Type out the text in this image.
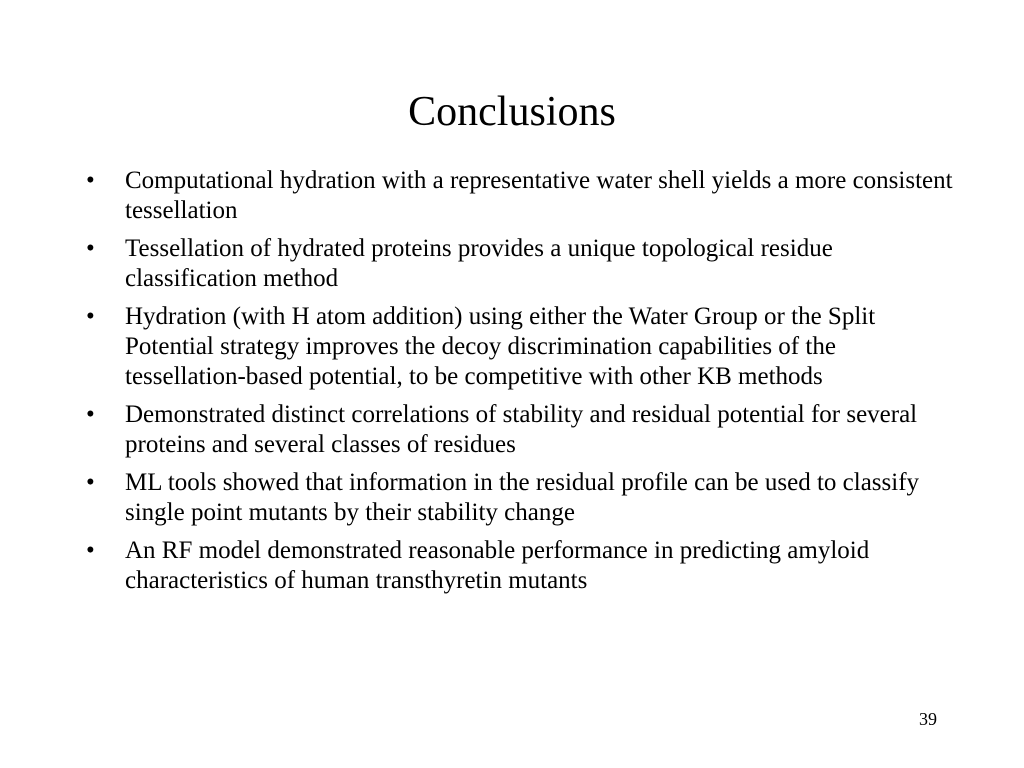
Conclusions
•	Computational hydration with a representative water shell yields a more consistent tessellation
•	Tessellation of hydrated proteins provides a unique topological residue classification method
•	Hydration (with H atom addition) using either the Water Group or the Split Potential strategy improves the decoy discrimination capabilities of the tessellation-based potential, to be competitive with other KB methods
•	Demonstrated distinct correlations of stability and residual potential for several proteins and several classes of residues
•	ML tools showed that information in the residual profile can be used to classify single point mutants by their stability change
•	An RF model demonstrated reasonable performance in predicting amyloid characteristics of human transthyretin mutants
39
